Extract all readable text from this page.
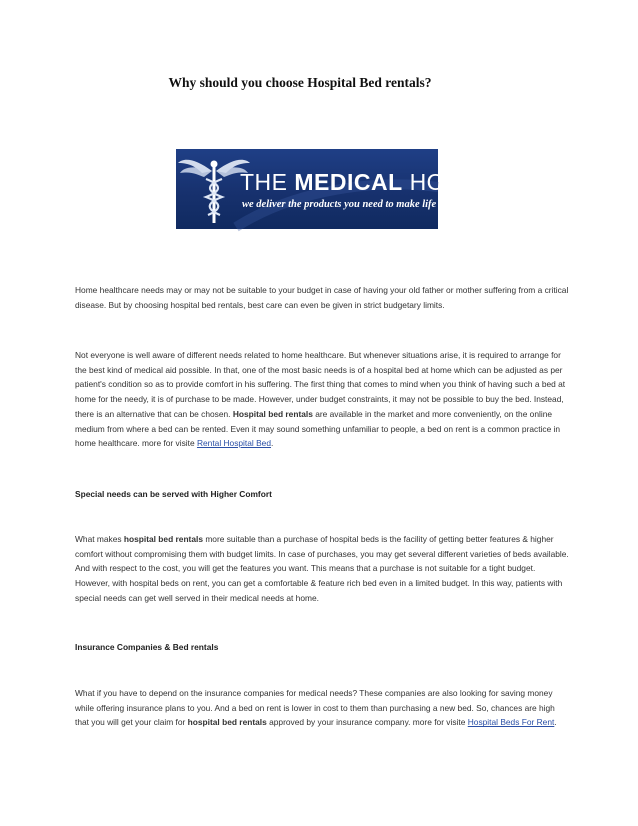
Why should you choose Hospital Bed rentals?
THE MEDICAL HOUSE
we deliver the products you need to make life easier

Home healthcare needs may or may not be suitable to your budget in case of having your old father or mother suffering from a critical disease. But by choosing hospital bed rentals, best care can even be given in strict budgetary limits.

Not everyone is well aware of different needs related to home healthcare. But whenever situations arise, it is required to arrange for the best kind of medical aid possible. In that, one of the most basic needs is of a hospital bed at home which can be adjusted as per patient's condition so as to provide comfort in his suffering. The first thing that comes to mind when you think of having such a bed at home for the needy, it is of purchase to be made. However, under budget constraints, it may not be possible to buy the bed. Instead, there is an alternative that can be chosen. Hospital bed rentals are available in the market and more conveniently, on the online medium from where a bed can be rented. Even it may sound something unfamiliar to people, a bed on rent is a common practice in home healthcare. more for visite Rental Hospital Bed.

Special needs can be served with Higher Comfort

What makes hospital bed rentals more suitable than a purchase of hospital beds is the facility of getting better features & higher comfort without compromising them with budget limits. In case of purchases, you may get several different varieties of beds available. And with respect to the cost, you will get the features you want. This means that a purchase is not suitable for a tight budget. However, with hospital beds on rent, you can get a comfortable & feature rich bed even in a limited budget. In this way, patients with special needs can get well served in their medical needs at home.

Insurance Companies & Bed rentals

What if you have to depend on the insurance companies for medical needs? These companies are also looking for saving money while offering insurance plans to you. And a bed on rent is lower in cost to them than purchasing a new bed. So, chances are high that you will get your claim for hospital bed rentals approved by your insurance company. more for visite Hospital Beds For Rent.
